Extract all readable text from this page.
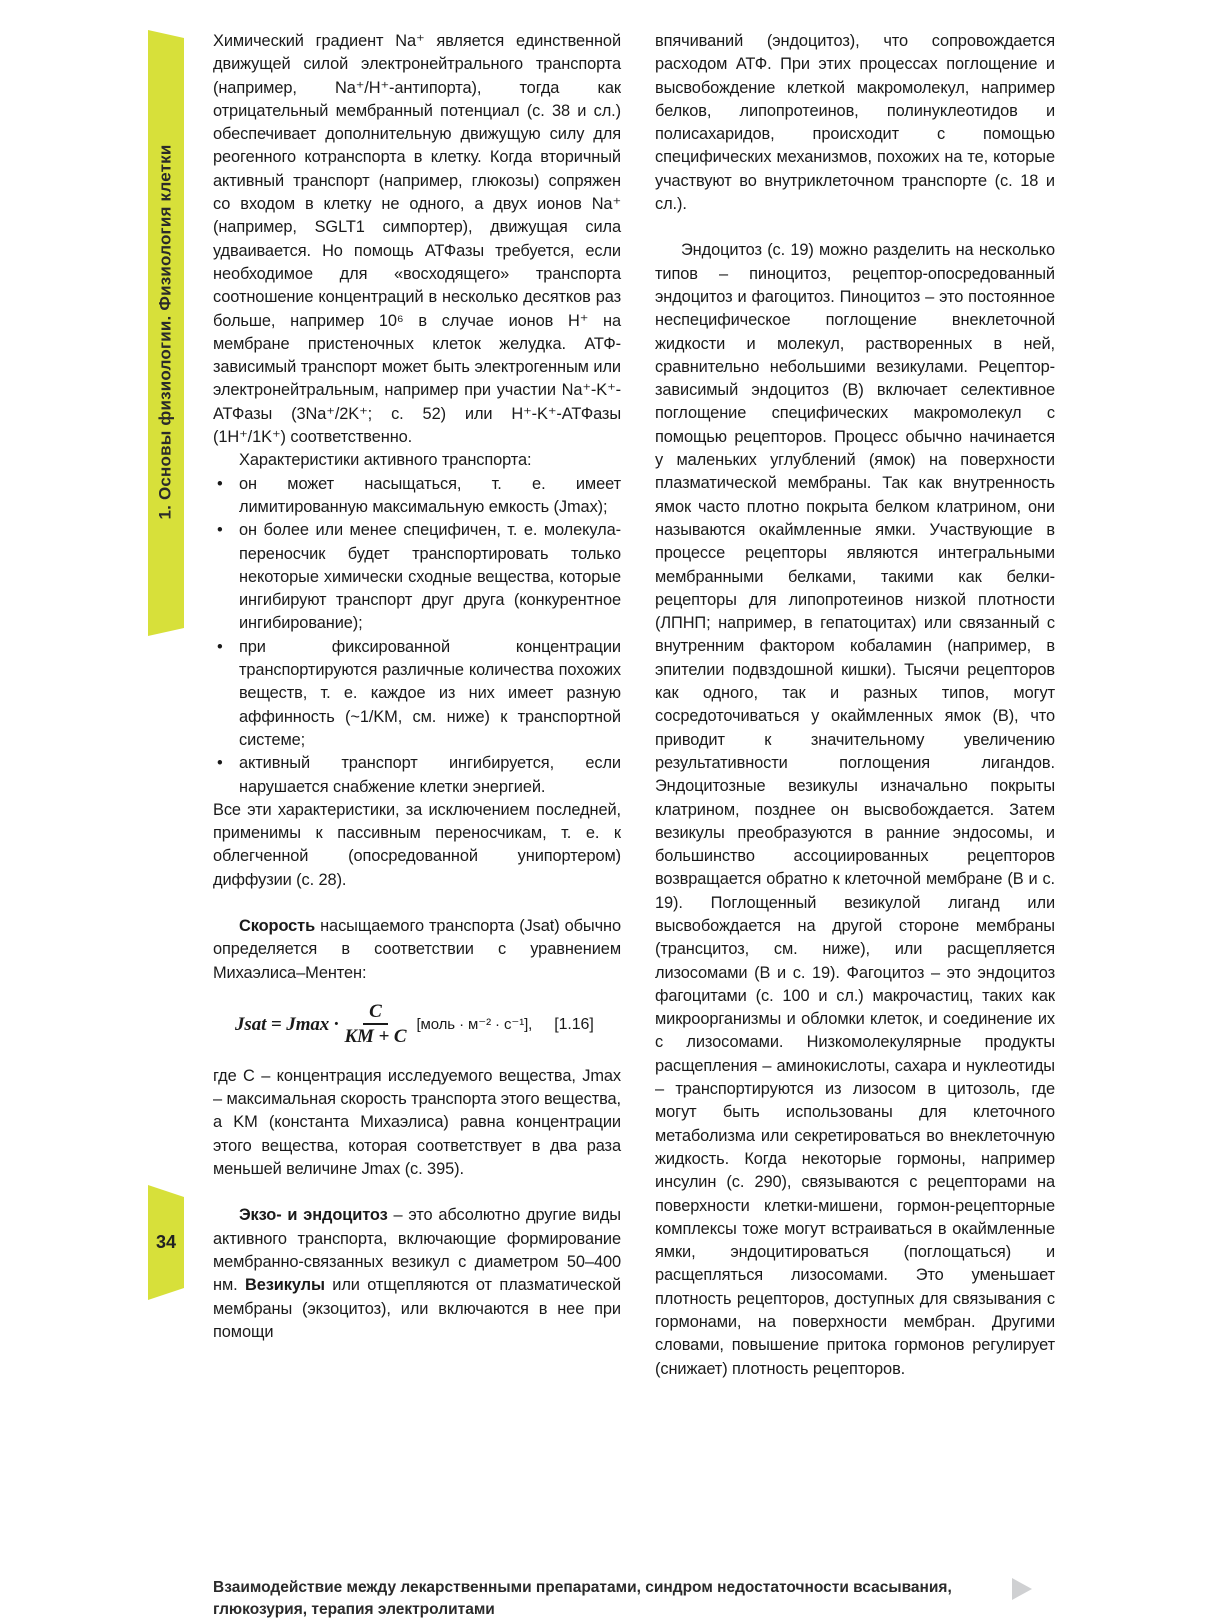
1. Основы физиологии. Физиология клетки
34

Химический градиент Na⁺ является единственной движущей силой электронейтрального транспорта (например, Na⁺/H⁺-антипорта), тогда как отрицательный мембранный потенциал (с. 38 и сл.) обеспечивает дополнительную движущую силу для реогенного котранспорта в клетку. Когда вторичный активный транспорт (например, глюкозы) сопряжен со входом в клетку не одного, а двух ионов Na⁺ (например, SGLT1 симпортер), движущая сила удваивается. Но помощь АТФазы требуется, если необходимое для «восходящего» транспорта соотношение концентраций в несколько десятков раз больше, например 10⁶ в случае ионов H⁺ на мембране пристеночных клеток желудка. АТФ-зависимый транспорт может быть электрогенным или электронейтральным, например при участии Na⁺-K⁺-АТФазы (3Na⁺/2K⁺; с. 52) или H⁺-K⁺-АТФазы (1H⁺/1K⁺) соответственно.

Характеристики активного транспорта:

• он может насыщаться, т. е. имеет лимитированную максимальную емкость (Jmax);
• он более или менее специфичен, т. е. молекула-переносчик будет транспортировать только некоторые химически сходные вещества, которые ингибируют транспорт друг друга (конкурентное ингибирование);
• при фиксированной концентрации транспортируются различные количества похожих веществ, т. е. каждое из них имеет разную аффинность (~1/KM, см. ниже) к транспортной системе;
• активный транспорт ингибируется, если нарушается снабжение клетки энергией.

Все эти характеристики, за исключением последней, применимы к пассивным переносчикам, т. е. к облегченной (опосредованной унипортером) диффузии (с. 28).

Скорость насыщаемого транспорта (Jsat) обычно определяется в соответствии с уравнением Михаэлиса–Ментен:

Jsat = $Jmax \cdot \frac{C}{KM + C}$ [моль · м⁻² · с⁻¹], [1.16]

где C – концентрация исследуемого вещества, Jmax – максимальная скорость транспорта этого вещества, а KM (константа Михаэлиса) равна концентрации этого вещества, которая соответствует в два раза меньшей величине Jmax (с. 395).

Экзо- и эндоцитоз – это абсолютно другие виды активного транспорта, включающие формирование мембранно-связанных везикул с диаметром 50–400 нм. Везикулы или отщепляются от плазматической мембраны (экзоцитоз), или включаются в нее при помощи

впячиваний (эндоцитоз), что сопровождается расходом АТФ. При этих процессах поглощение и высвобождение клеткой макромолекул, например белков, липопротеинов, полинуклеотидов и полисахаридов, происходит с помощью специфических механизмов, похожих на те, которые участвуют во внутриклеточном транспорте (с. 18 и сл.).

Эндоцитоз (с. 19) можно разделить на несколько типов – пиноцитоз, рецептор-опосредованный эндоцитоз и фагоцитоз. Пиноцитоз – это постоянное неспецифическое поглощение внеклеточной жидкости и молекул, растворенных в ней, сравнительно небольшими везикулами. Рецептор-зависимый эндоцитоз (B) включает селективное поглощение специфических макромолекул с помощью рецепторов. Процесс обычно начинается у маленьких углублений (ямок) на поверхности плазматической мембраны. Так как внутренность ямок часто плотно покрыта белком клатрином, они называются окаймленные ямки. Участвующие в процессе рецепторы являются интегральными мембранными белками, такими как белки-рецепторы для липопротеинов низкой плотности (ЛПНП; например, в гепатоцитах) или связанный с внутренним фактором кобаламин (например, в эпителии подвздошной кишки). Тысячи рецепторов как одного, так и разных типов, могут сосредоточиваться у окаймленных ямок (B), что приводит к значительному увеличению результативности поглощения лигандов. Эндоцитозные везикулы изначально покрыты клатрином, позднее он высвобождается. Затем везикулы преобразуются в ранние эндосомы, и большинство ассоциированных рецепторов возвращается обратно к клеточной мембране (B и с. 19). Поглощенный везикулой лиганд или высвобождается на другой стороне мембраны (трансцитоз, см. ниже), или расщепляется лизосомами (B и с. 19). Фагоцитоз – это эндоцитоз фагоцитами (с. 100 и сл.) макрочастиц, таких как микроорганизмы и обломки клеток, и соединение их с лизосомами. Низкомолекулярные продукты расщепления – аминокислоты, сахара и нуклеотиды – транспортируются из лизосом в цитозоль, где могут быть использованы для клеточного метаболизма или секретироваться во внеклеточную жидкость. Когда некоторые гормоны, например инсулин (с. 290), связываются с рецепторами на поверхности клетки-мишени, гормон-рецепторные комплексы тоже могут встраиваться в окаймленные ямки, эндоцитироваться (поглощаться) и расщепляться лизосомами. Это уменьшает плотность рецепторов, доступных для связывания с гормонами, на поверхности мембран. Другими словами, повышение притока гормонов регулирует (снижает) плотность рецепторов.

Взаимодействие между лекарственными препаратами, синдром недостаточности всасывания,
глюкозурия, терапия электролитами
